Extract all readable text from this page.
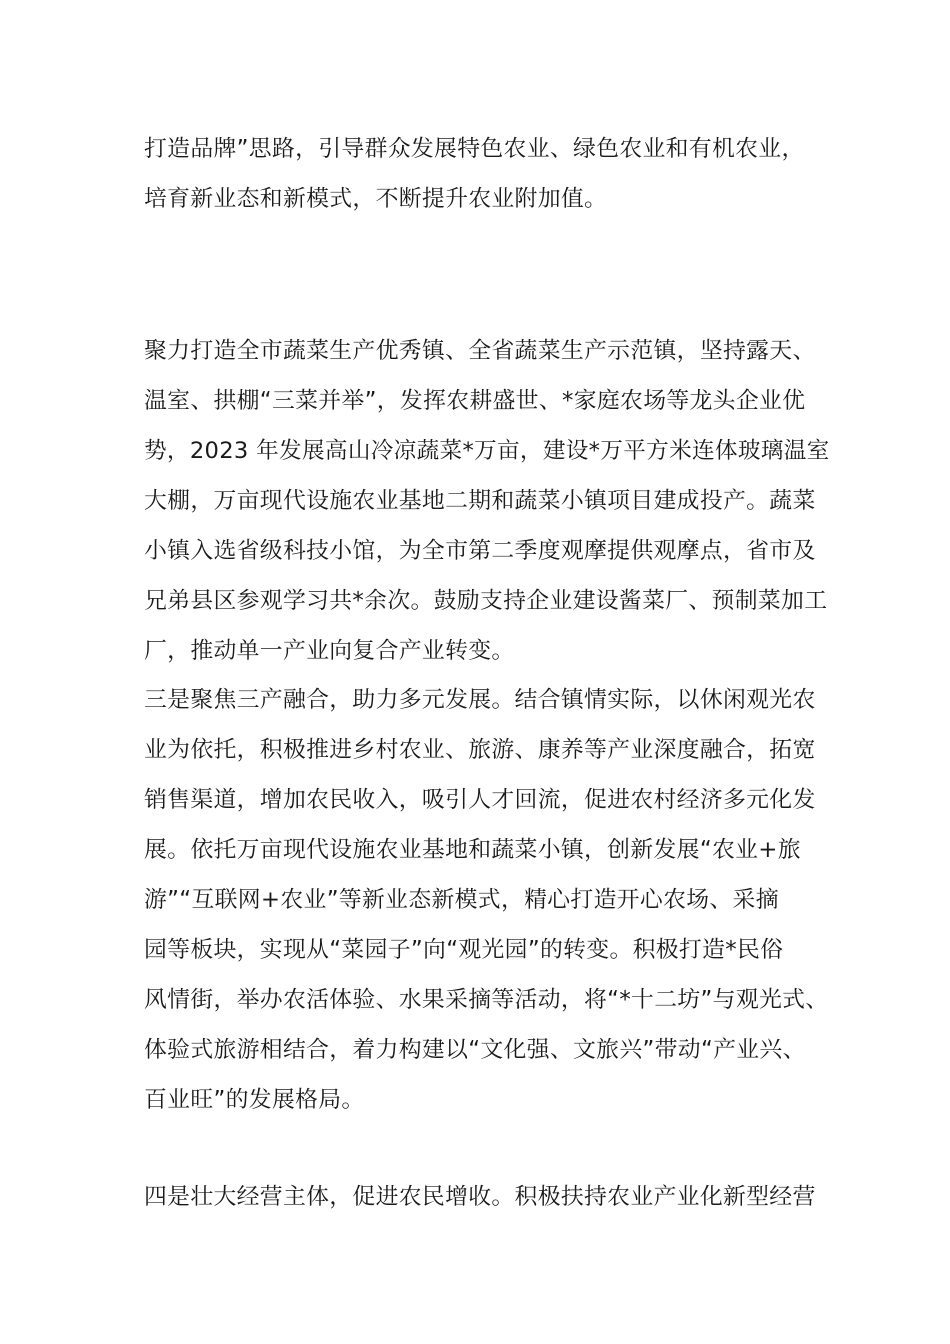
打造品牌”思路，引导群众发展特色农业、绿色农业和有机农业，
培育新业态和新模式，不断提升农业附加值。
聚力打造全市蔬菜生产优秀镇、全省蔬菜生产示范镇，坚持露天、
温室、拱棚“三菜并举”，发挥农耕盛世、*家庭农场等龙头企业优
势，2023 年发展高山冷凉蔬菜*万亩，建设*万平方米连体玻璃温室
大棚，万亩现代设施农业基地二期和蔬菜小镇项目建成投产。蔬菜
小镇入选省级科技小馆，为全市第二季度观摩提供观摩点，省市及
兄弟县区参观学习共*余次。鼓励支持企业建设酱菜厂、预制菜加工
厂，推动单一产业向复合产业转变。
三是聚焦三产融合，助力多元发展。结合镇情实际，以休闲观光农
业为依托，积极推进乡村农业、旅游、康养等产业深度融合，拓宽
销售渠道，增加农民收入，吸引人才回流，促进农村经济多元化发
展。依托万亩现代设施农业基地和蔬菜小镇，创新发展“农业+旅
游”“互联网+农业”等新业态新模式，精心打造开心农场、采摘
园等板块，实现从“菜园子”向“观光园”的转变。积极打造*民俗
风情街，举办农活体验、水果采摘等活动，将“*十二坊”与观光式、
体验式旅游相结合，着力构建以“文化强、文旅兴”带动“产业兴、
百业旺”的发展格局。
四是壮大经营主体，促进农民增收。积极扶持农业产业化新型经营
